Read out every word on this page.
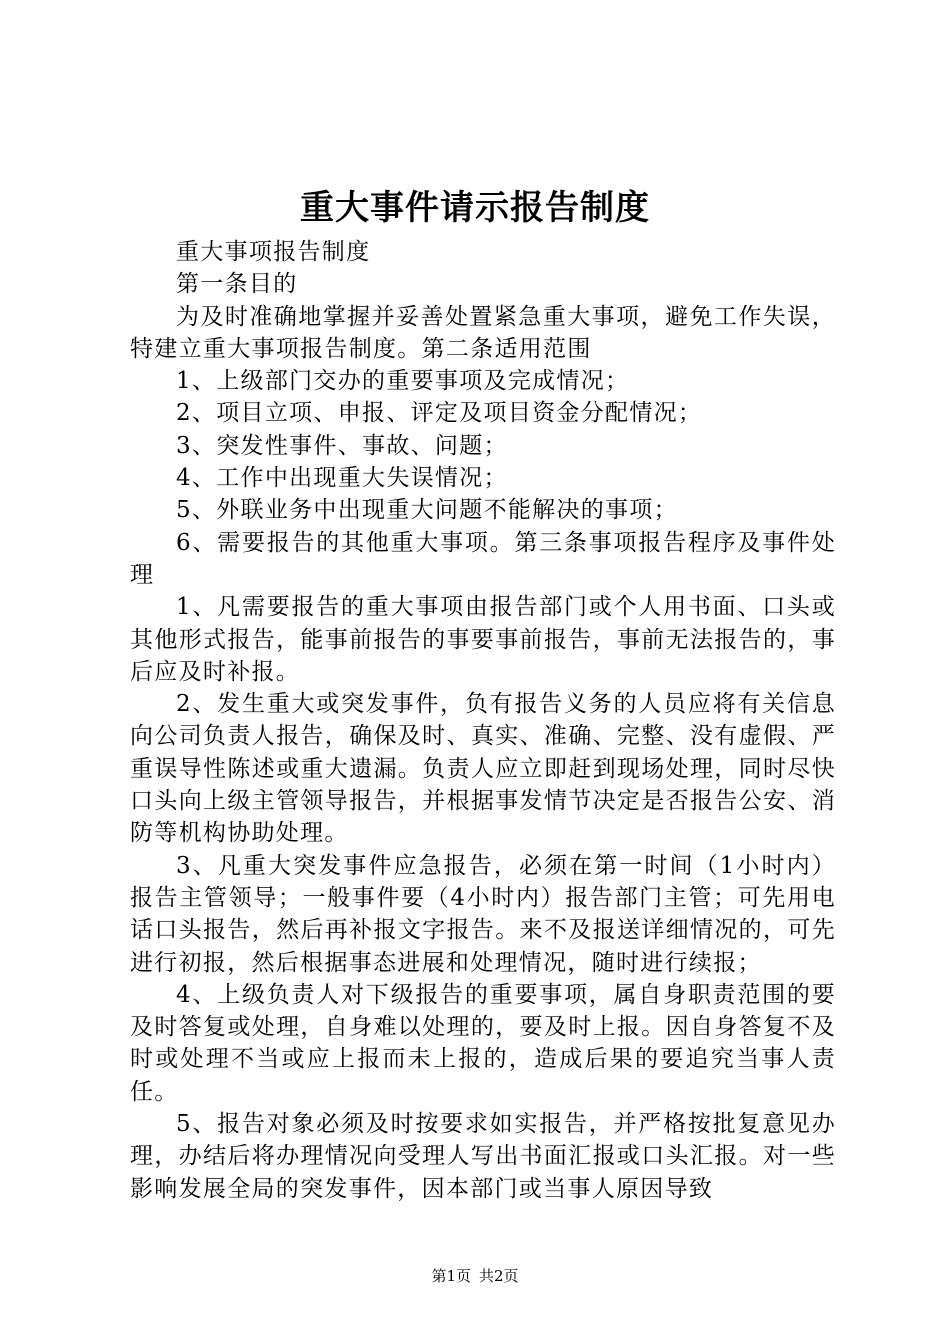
重大事件请示报告制度

重大事项报告制度

第一条目的

为及时准确地掌握并妥善处置紧急重大事项，避免工作失误，特建立重大事项报告制度。第二条适用范围

1、上级部门交办的重要事项及完成情况；

2、项目立项、申报、评定及项目资金分配情况；

3、突发性事件、事故、问题；

4、工作中出现重大失误情况；

5、外联业务中出现重大问题不能解决的事项；

6、需要报告的其他重大事项。第三条事项报告程序及事件处理

1、凡需要报告的重大事项由报告部门或个人用书面、口头或其他形式报告，能事前报告的事要事前报告，事前无法报告的，事后应及时补报。

2、发生重大或突发事件，负有报告义务的人员应将有关信息向公司负责人报告，确保及时、真实、准确、完整、没有虚假、严重误导性陈述或重大遗漏。负责人应立即赶到现场处理，同时尽快口头向上级主管领导报告，并根据事发情节决定是否报告公安、消防等机构协助处理。

3、凡重大突发事件应急报告，必须在第一时间（1小时内）报告主管领导；一般事件要（4小时内）报告部门主管；可先用电话口头报告，然后再补报文字报告。来不及报送详细情况的，可先进行初报，然后根据事态进展和处理情况，随时进行续报；

4、上级负责人对下级报告的重要事项，属自身职责范围的要及时答复或处理，自身难以处理的，要及时上报。因自身答复不及时或处理不当或应上报而未上报的，造成后果的要追究当事人责任。

5、报告对象必须及时按要求如实报告，并严格按批复意见办理，办结后将办理情况向受理人写出书面汇报或口头汇报。对一些影响发展全局的突发事件，因本部门或当事人原因导致

第1页 共2页
